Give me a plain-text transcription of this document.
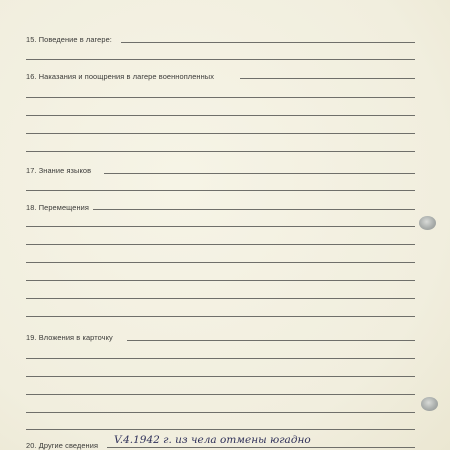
15. Поведение в лагере:
16. Наказания и поощрения в лагере военнопленных
17. Знание языков
18. Перемещения
19. Вложения в карточку
20. Другие сведения V.4.1942 г. из чела отмены югадно
